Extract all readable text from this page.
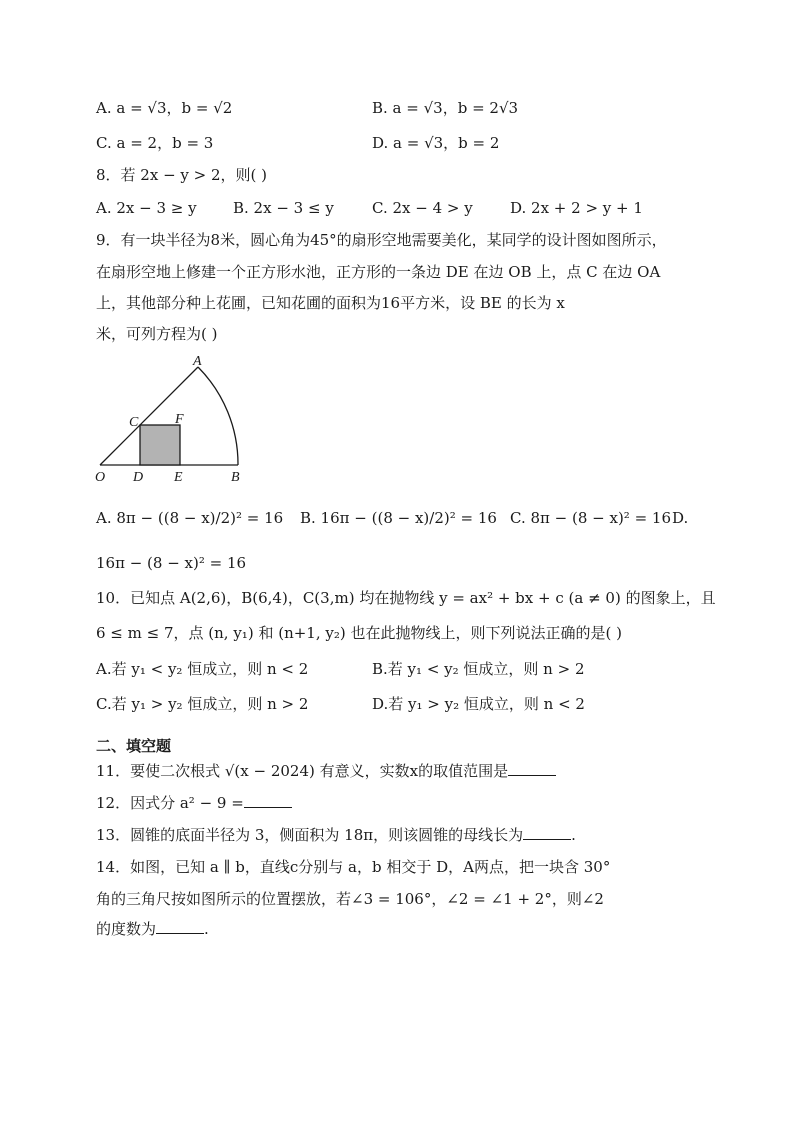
A. a = √3，b = √2	B. a = √3，b = 2√3
C. a = 2，b = 3	D. a = √3，b = 2
8．若 2x − y > 2，则( )
A. 2x − 3 ≥ y B. 2x − 3 ≤ y	C. 2x − 4 > y D. 2x + 2 > y + 1
9．有一块半径为8米，圆心角为45°的扇形空地需要美化，某同学的设计图如图所示，
在扇形空地上修建一个正方形水池，正方形的一条边 DE 在边 OB 上，点 C 在边 OA
上，其他部分种上花圃，已知花圃的面积为16平方米，设 BE 的长为 x
米，可列方程为( )
A
C	F
O D E	B
A. 8π − ((8 − x)/2)² = 16 B. 16π − ((8 − x)/2)² = 16 C. 8π − (8 − x)² = 16 D.
16π − (8 − x)² = 16
10．已知点 A(2,6)，B(6,4)，C(3,m) 均在抛物线 y = ax² + bx + c (a ≠ 0) 的图象上，且
6 ≤ m ≤ 7，点 (n, y₁) 和 (n+1, y₂) 也在此抛物线上，则下列说法正确的是( )
A.若 y₁ < y₂ 恒成立，则 n < 2	B.若 y₁ < y₂ 恒成立，则 n > 2
C.若 y₁ > y₂ 恒成立，则 n > 2	D.若 y₁ > y₂ 恒成立，则 n < 2
二、填空题
11．要使二次根式 √(x − 2024) 有意义，实数x的取值范围是
12．因式分 a² − 9 =
13．圆锥的底面半径为 3，侧面积为 18π，则该圆锥的母线长为	.
14．如图，已知 a ∥ b，直线c分别与 a，b 相交于 D，A两点，把一块含 30°
角的三角尺按如图所示的位置摆放，若∠3 = 106°，∠2 = ∠1 + 2°，则∠2
的度数为	.
